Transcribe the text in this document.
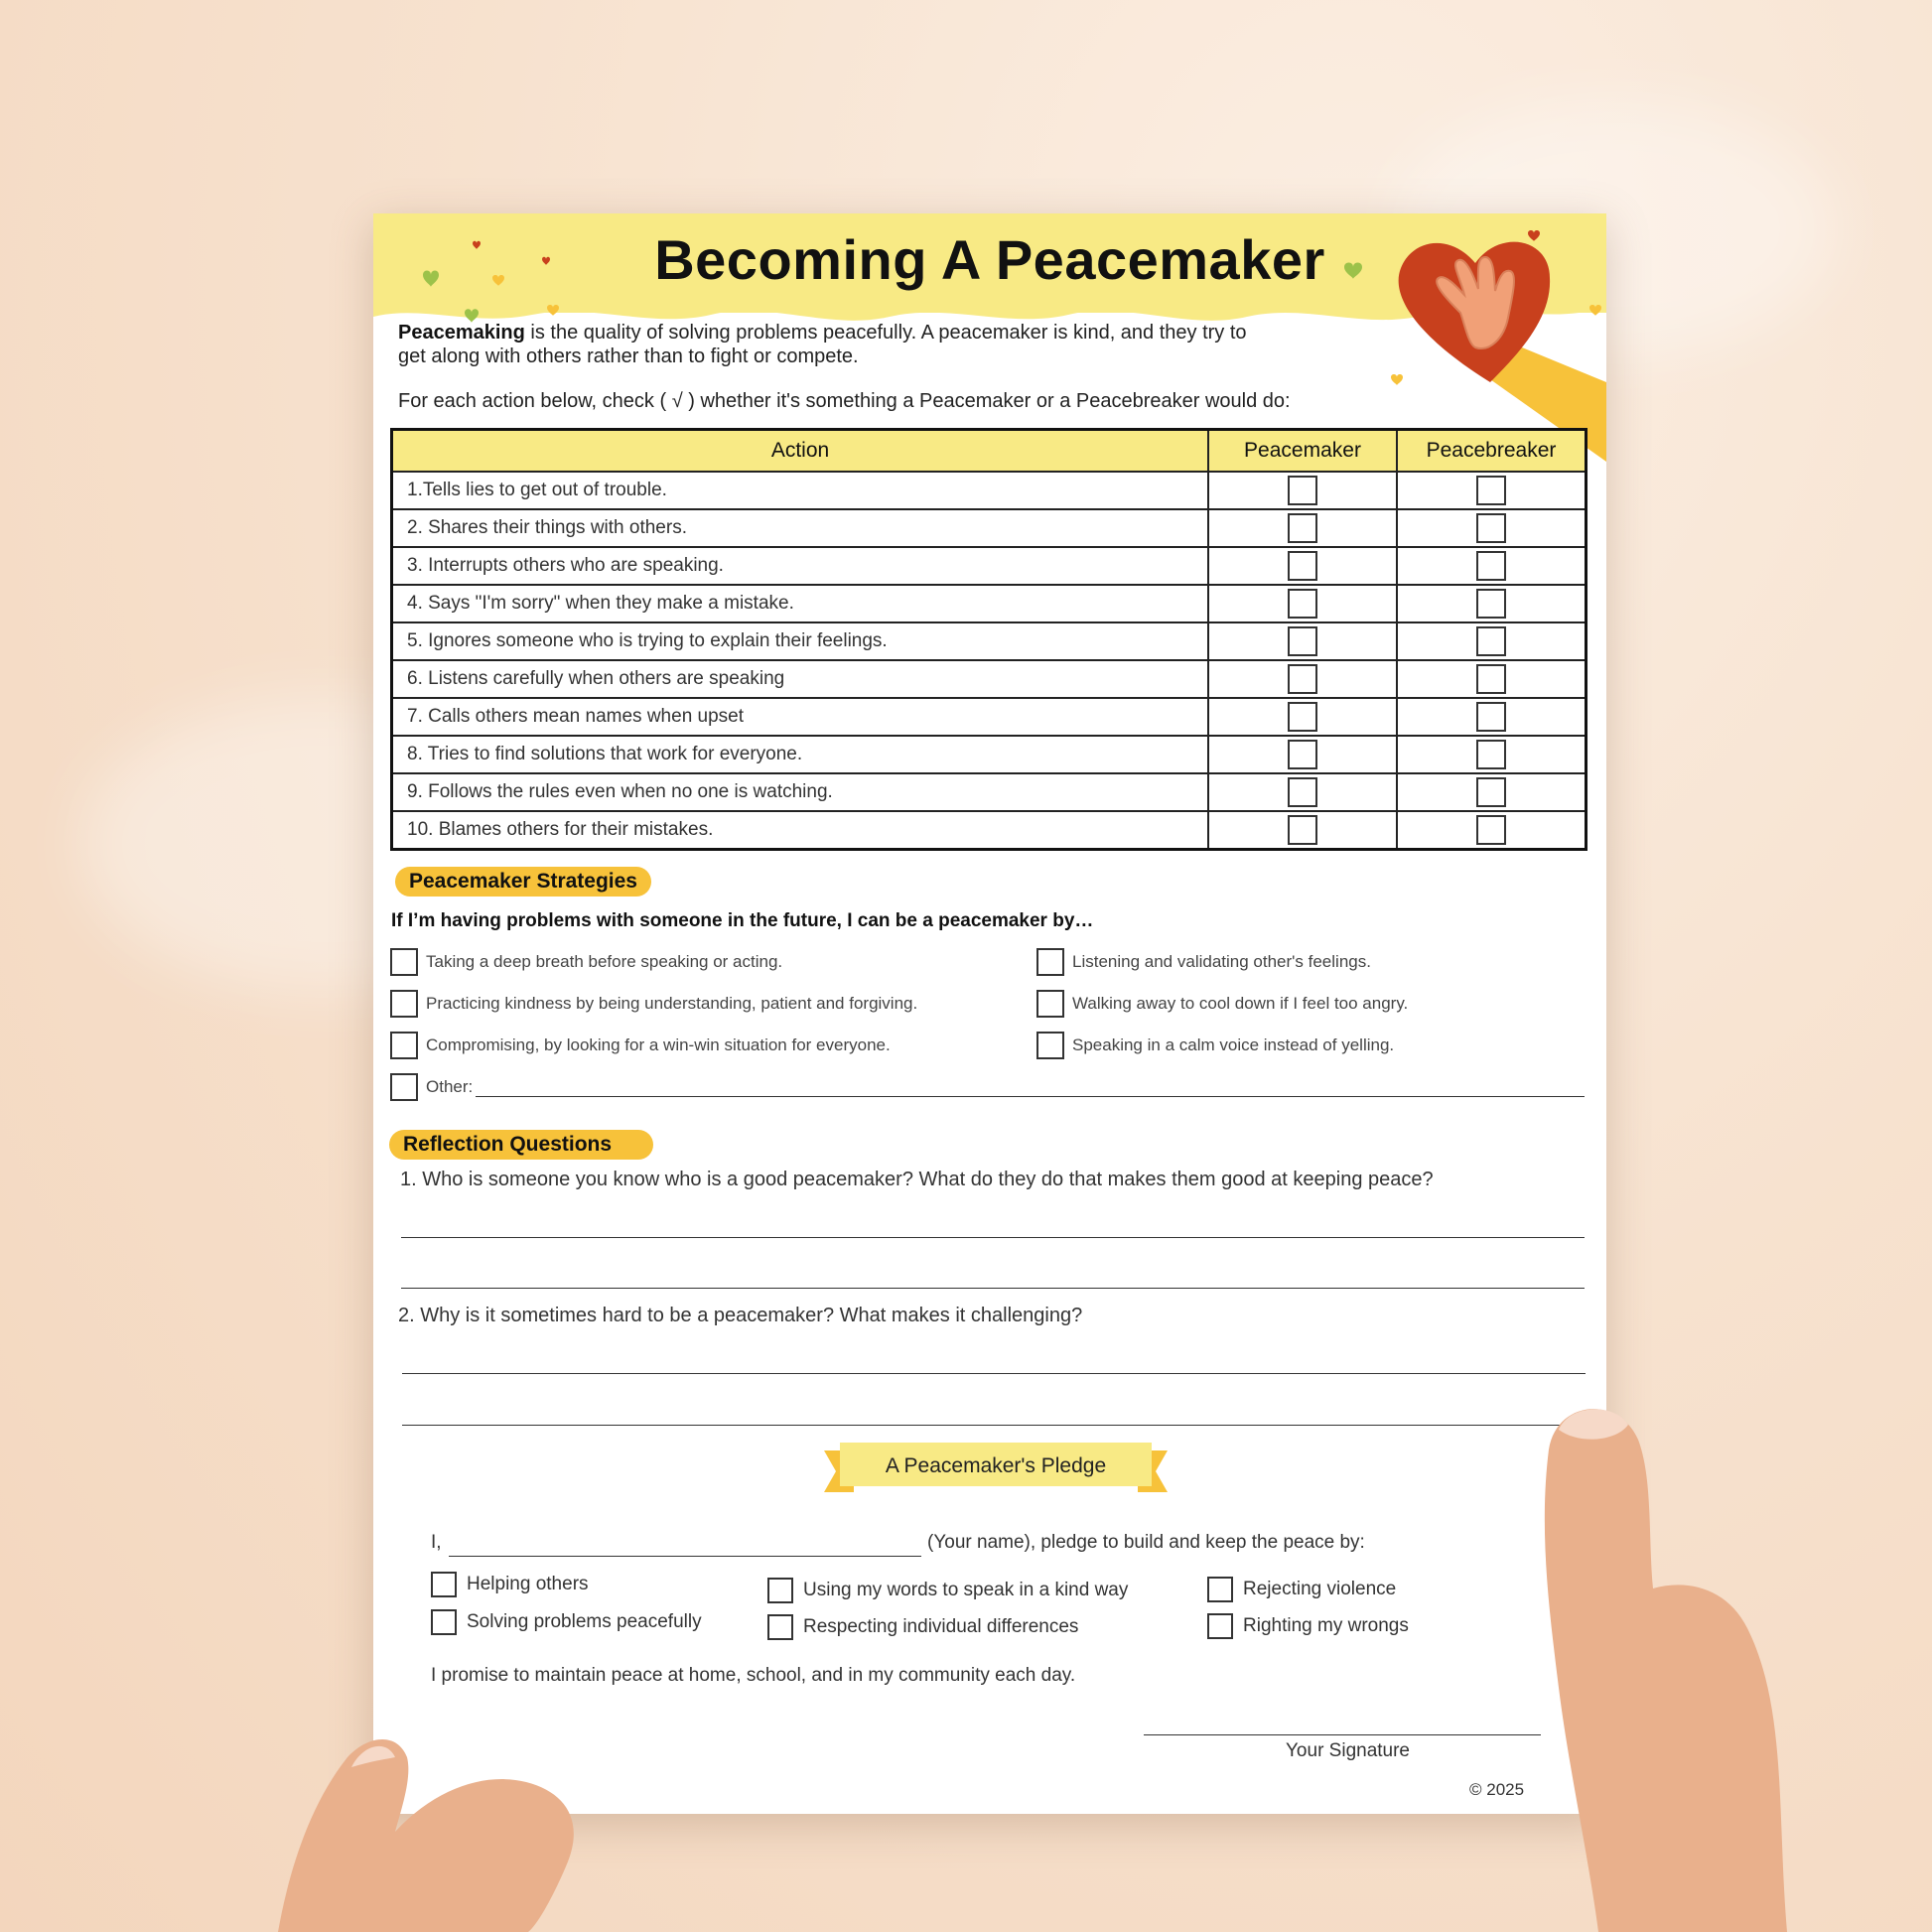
Becoming A Peacemaker
Peacemaking is the quality of solving problems peacefully. A peacemaker is kind, and they try to
get along with others rather than to fight or compete.
For each action below, check ( √ ) whether it's something a Peacemaker or a Peacebreaker would do:
Action	Peacemaker	Peacebreaker
1.Tells lies to get out of trouble.		
2. Shares their things with others.		
3. Interrupts others who are speaking.		
4. Says "I'm sorry" when they make a mistake.		
5. Ignores someone who is trying to explain their feelings.		
6. Listens carefully when others are speaking		
7. Calls others mean names when upset		
8. Tries to find solutions that work for everyone.		
9. Follows the rules even when no one is watching.		
10. Blames others for their mistakes.		
Peacemaker Strategies
If I’m having problems with someone in the future, I can be a peacemaker by…
Taking a deep breath before speaking or acting.
Practicing kindness by being understanding, patient and forgiving.
Compromising, by looking for a win-win situation for everyone.
Listening and validating other's feelings.
Walking away to cool down if I feel too angry.
Speaking in a calm voice instead of yelling.
Other:
Reflection Questions
1. Who is someone you know who is a good peacemaker? What do they do that makes them good at keeping peace?
2. Why is it sometimes hard to be a peacemaker? What makes it challenging?
A Peacemaker's Pledge
I,	(Your name), pledge to build and keep the peace by:
Helping others
Solving problems peacefully
Using my words to speak in a kind way
Respecting individual differences
Rejecting violence
Righting my wrongs
I promise to maintain peace at home, school, and in my community each day.
Your Signature
© 2025
